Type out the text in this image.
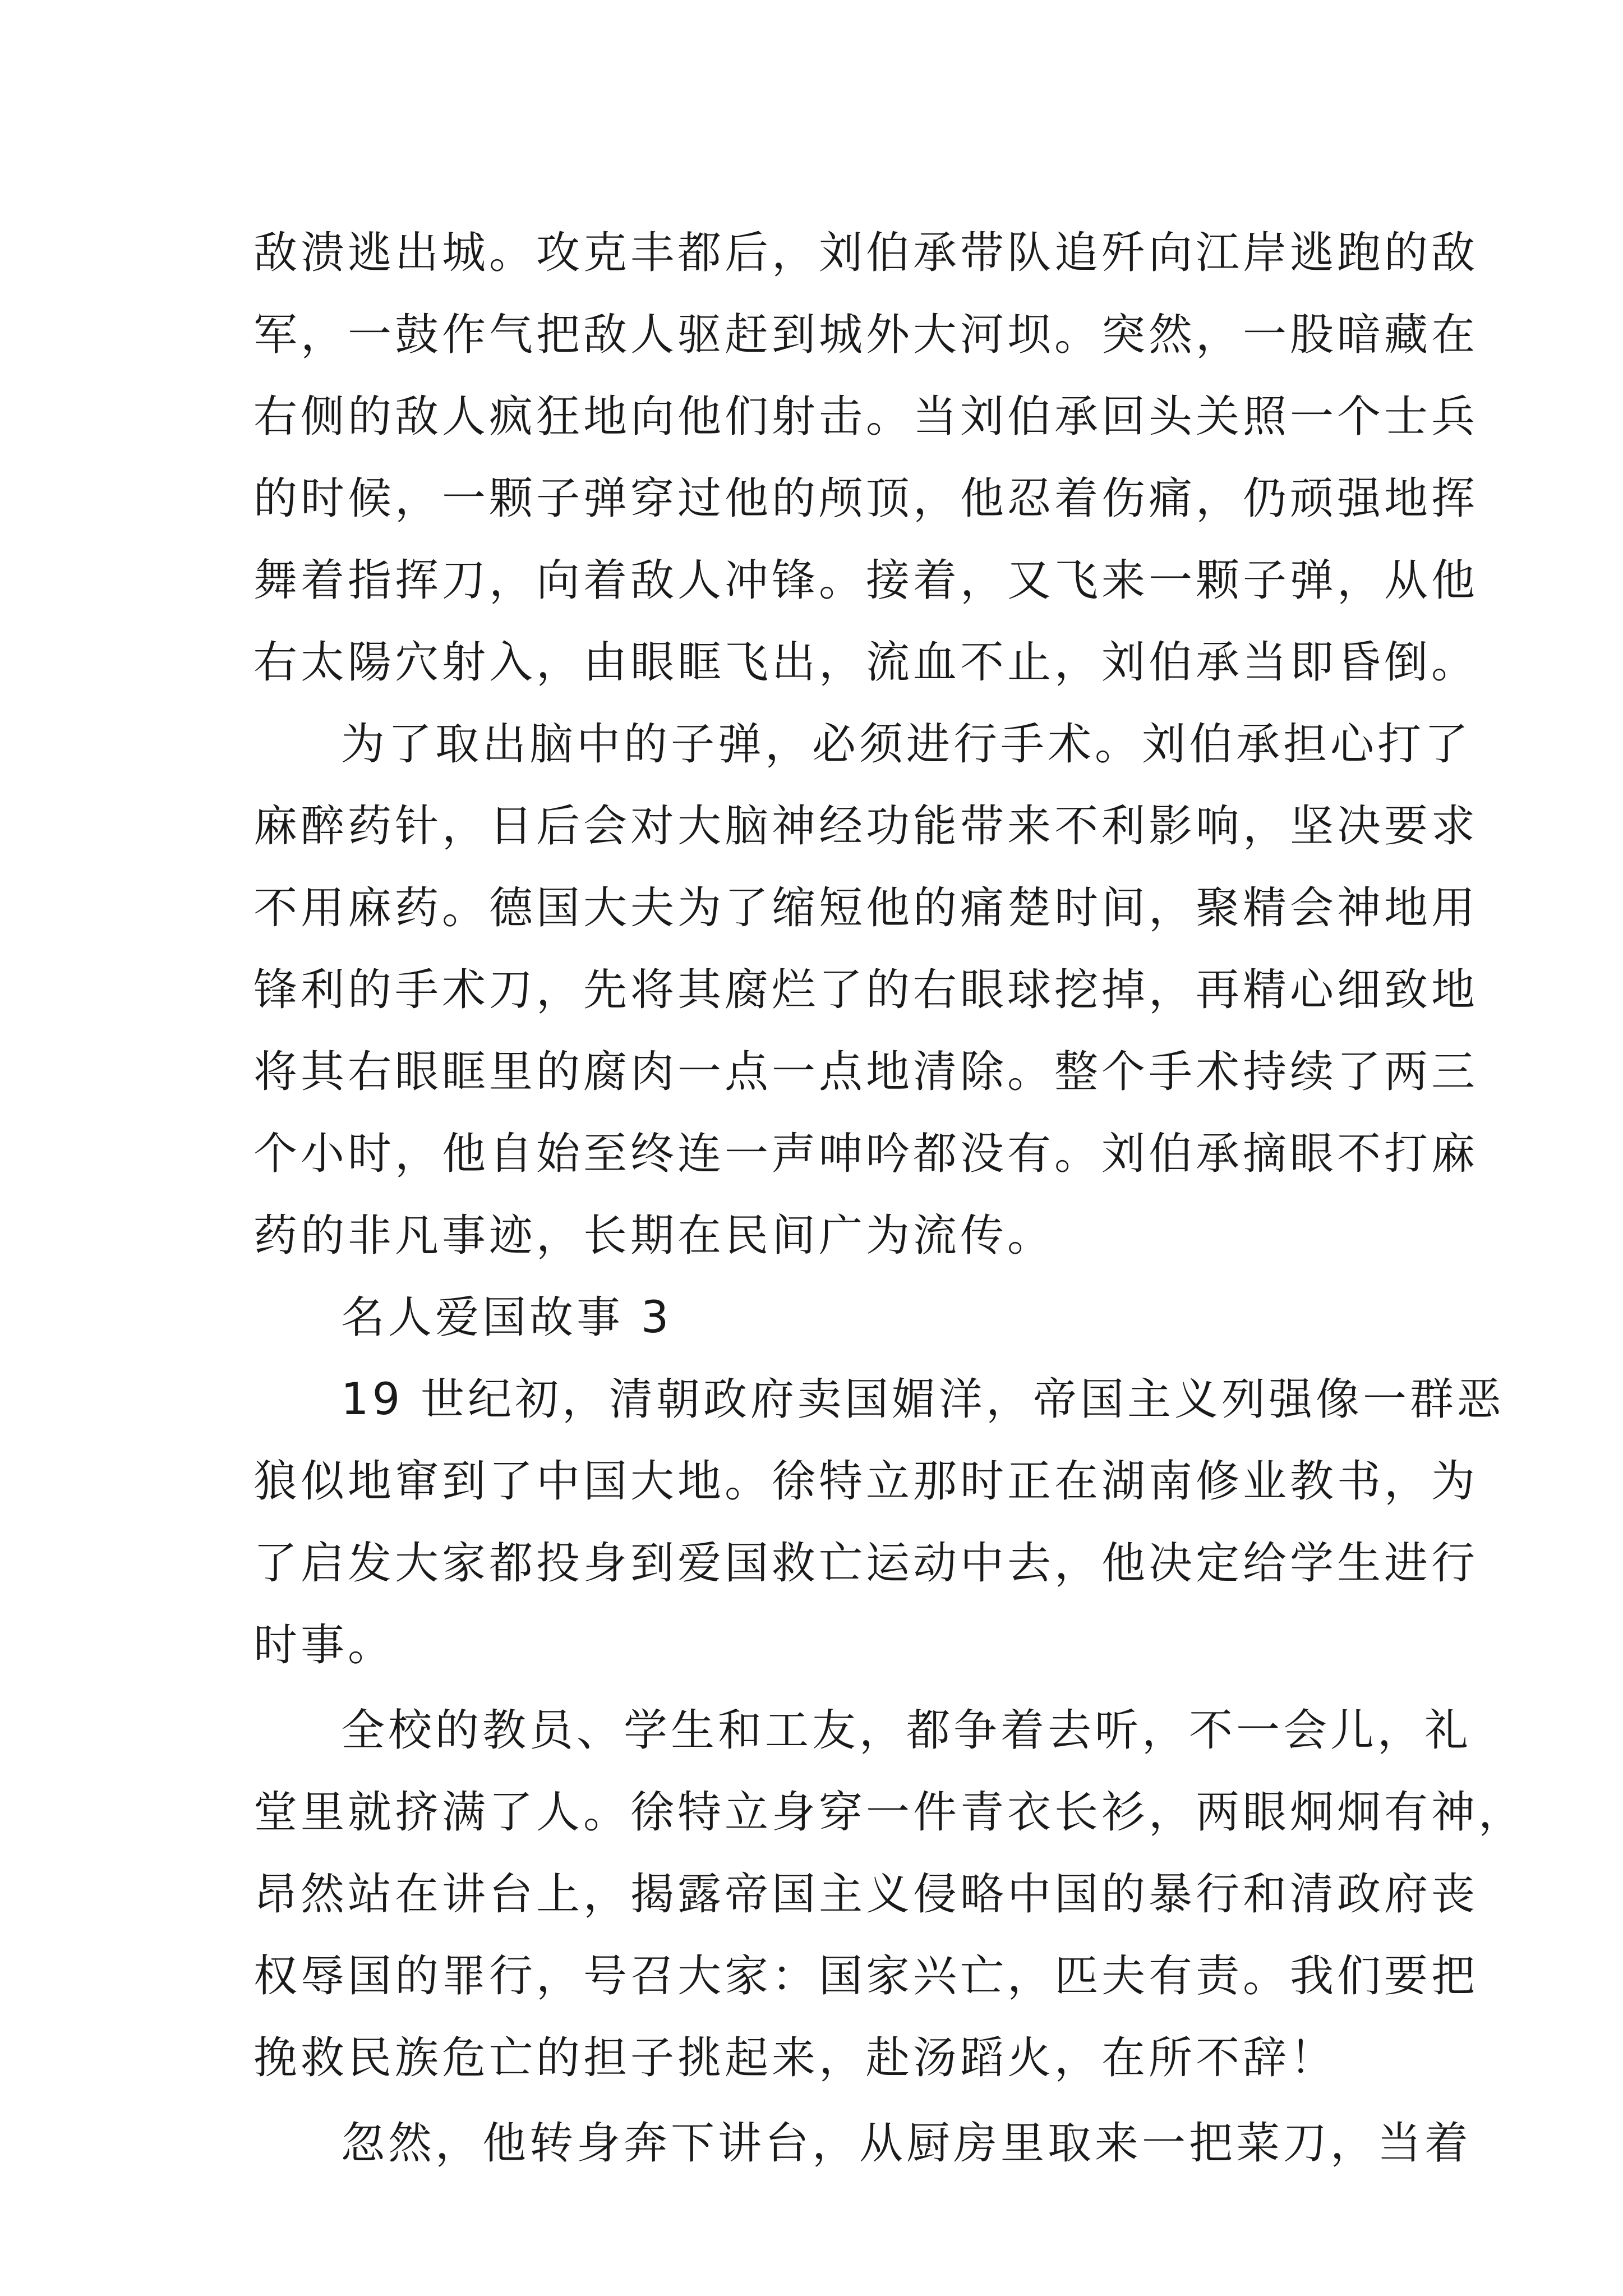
敌溃逃出城。攻克丰都后，刘伯承带队追歼向江岸逃跑的敌
军，一鼓作气把敌人驱赶到城外大河坝。突然，一股暗藏在
右侧的敌人疯狂地向他们射击。当刘伯承回头关照一个士兵
的时候，一颗子弹穿过他的颅顶，他忍着伤痛，仍顽强地挥
舞着指挥刀，向着敌人冲锋。接着，又飞来一颗子弹，从他
右太陽穴射入，由眼眶飞出，流血不止，刘伯承当即昏倒。
为了取出脑中的子弹，必须进行手术。刘伯承担心打了
麻醉药针，日后会对大脑神经功能带来不利影响，坚决要求
不用麻药。德国大夫为了缩短他的痛楚时间，聚精会神地用
锋利的手术刀，先将其腐烂了的右眼球挖掉，再精心细致地
将其右眼眶里的腐肉一点一点地清除。整个手术持续了两三
个小时，他自始至终连一声呻吟都没有。刘伯承摘眼不打麻
药的非凡事迹，长期在民间广为流传。
名人爱国故事 3
19 世纪初，清朝政府卖国媚洋，帝国主义列强像一群恶
狼似地窜到了中国大地。徐特立那时正在湖南修业教书，为
了启发大家都投身到爱国救亡运动中去，他决定给学生进行
时事。
全校的教员、学生和工友，都争着去听，不一会儿，礼
堂里就挤满了人。徐特立身穿一件青衣长衫，两眼炯炯有神，
昂然站在讲台上，揭露帝国主义侵略中国的暴行和清政府丧
权辱国的罪行，号召大家：国家兴亡，匹夫有责。我们要把
挽救民族危亡的担子挑起来，赴汤蹈火，在所不辞！
忽然，他转身奔下讲台，从厨房里取来一把菜刀，当着
